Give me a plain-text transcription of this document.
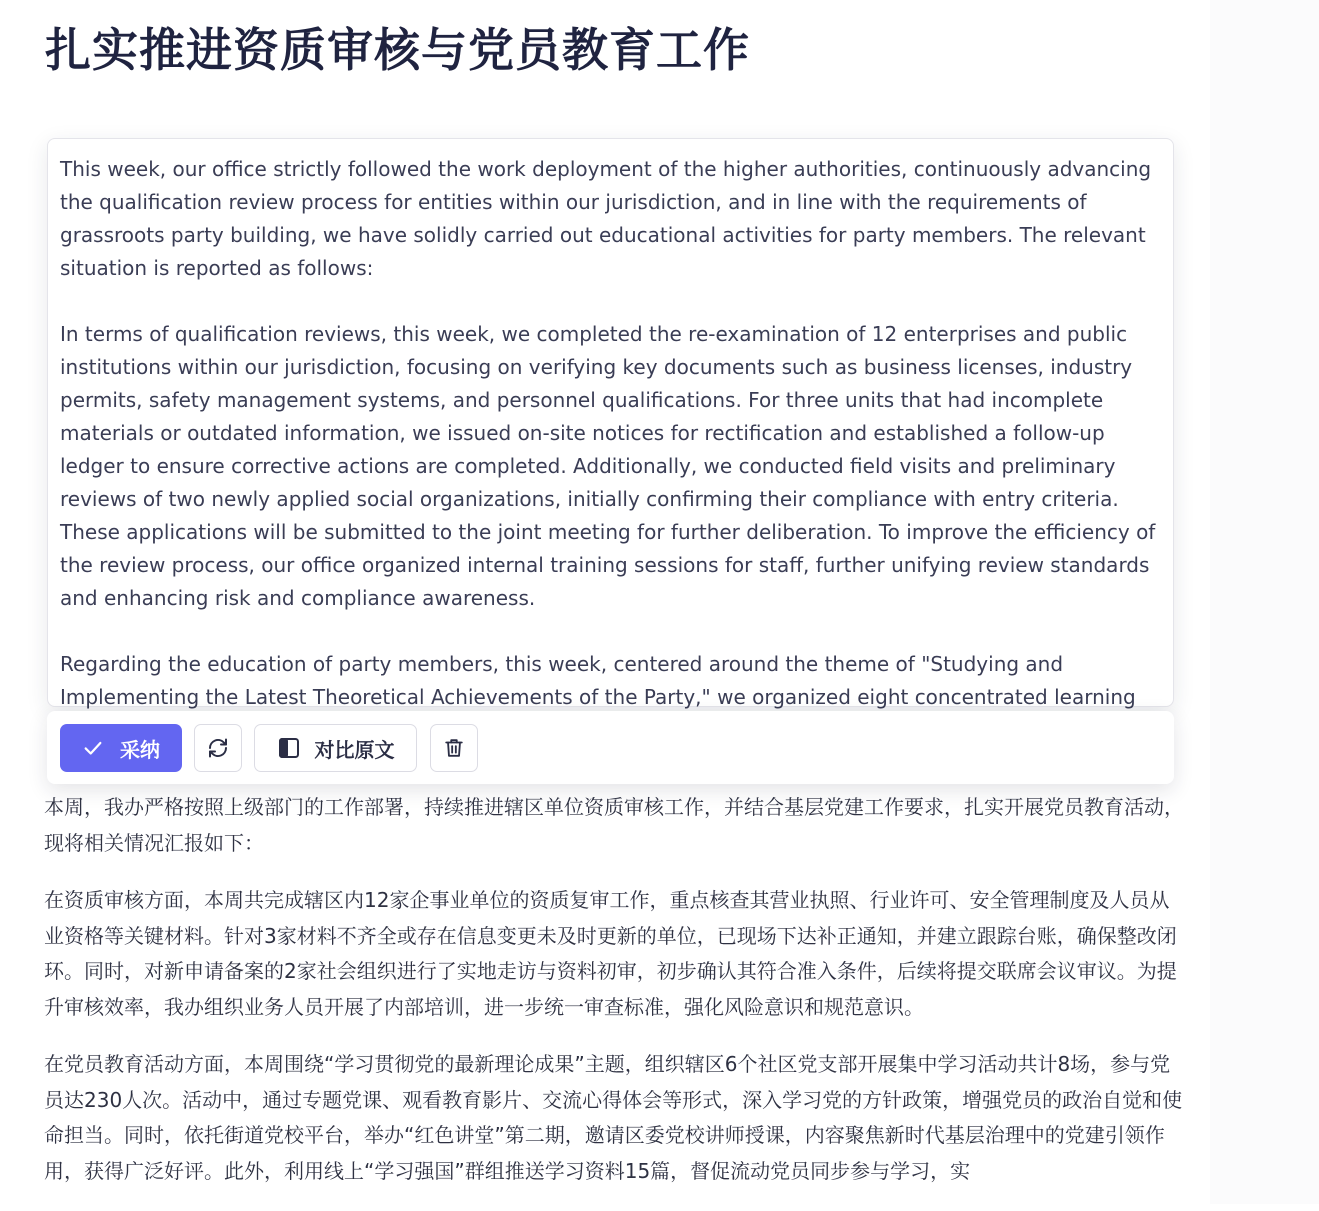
扎实推进资质审核与党员教育工作

This week, our office strictly followed the work deployment of the higher authorities, continuously advancing the qualification review process for entities within our jurisdiction, and in line with the requirements of grassroots party building, we have solidly carried out educational activities for party members. The relevant situation is reported as follows:

In terms of qualification reviews, this week, we completed the re-examination of 12 enterprises and public institutions within our jurisdiction, focusing on verifying key documents such as business licenses, industry permits, safety management systems, and personnel qualifications. For three units that had incomplete materials or outdated information, we issued on-site notices for rectification and established a follow-up ledger to ensure corrective actions are completed. Additionally, we conducted field visits and preliminary reviews of two newly applied social organizations, initially confirming their compliance with entry criteria. These applications will be submitted to the joint meeting for further deliberation. To improve the efficiency of the review process, our office organized internal training sessions for staff, further unifying review standards and enhancing risk and compliance awareness.

Regarding the education of party members, this week, centered around the theme of "Studying and Implementing the Latest Theoretical Achievements of the Party," we organized eight concentrated learning

采纳	对比原文

本周，我办严格按照上级部门的工作部署，持续推进辖区单位资质审核工作，并结合基层党建工作要求，扎实开展党员教育活动，现将相关情况汇报如下：

在资质审核方面，本周共完成辖区内12家企事业单位的资质复审工作，重点核查其营业执照、行业许可、安全管理制度及人员从业资格等关键材料。针对3家材料不齐全或存在信息变更未及时更新的单位，已现场下达补正通知，并建立跟踪台账，确保整改闭环。同时，对新申请备案的2家社会组织进行了实地走访与资料初审，初步确认其符合准入条件，后续将提交联席会议审议。为提升审核效率，我办组织业务人员开展了内部培训，进一步统一审查标准，强化风险意识和规范意识。

在党员教育活动方面，本周围绕“学习贯彻党的最新理论成果”主题，组织辖区6个社区党支部开展集中学习活动共计8场，参与党员达230人次。活动中，通过专题党课、观看教育影片、交流心得体会等形式，深入学习党的方针政策，增强党员的政治自觉和使命担当。同时，依托街道党校平台，举办“红色讲堂”第二期，邀请区委党校讲师授课，内容聚焦新时代基层治理中的党建引领作用，获得广泛好评。此外，利用线上“学习强国”群组推送学习资料15篇，督促流动党员同步参与学习，实
